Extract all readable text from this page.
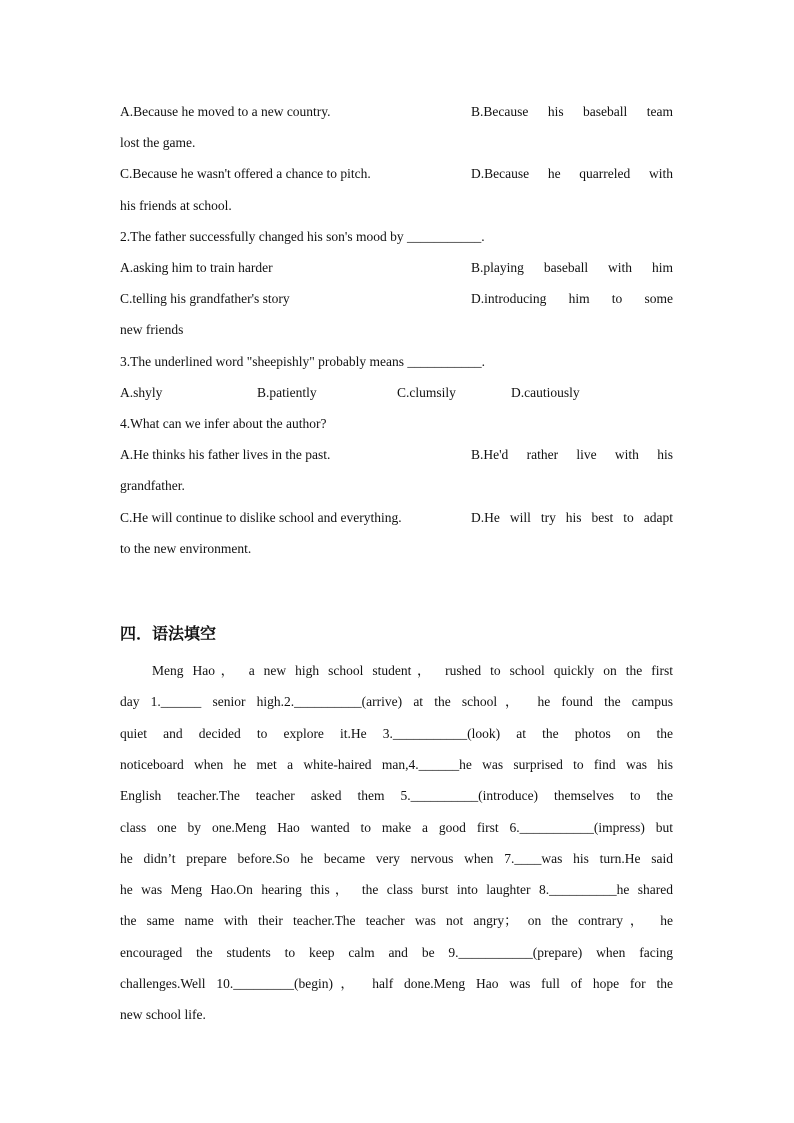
A.Because he moved to a new country.	B.Because his baseball team
lost the game.
C.Because he wasn't offered a chance to pitch.	D.Because he quarreled with
his friends at school.
2.The father successfully changed his son's mood by ___________.
A.asking him to train harder	B.playing baseball with him
C.telling his grandfather's story	D.introducing him to some
new friends
3.The underlined word "sheepishly" probably means ___________.
A.shyly	B.patiently	C.clumsily	D.cautiously
4.What can we infer about the author?
A.He thinks his father lives in the past.	B.He'd rather live with his
grandfather.
C.He will continue to dislike school and everything.	D.He will try his best to adapt
to the new environment.
四．语法填空
Meng Hao， a new high school student， rushed to school quickly on the first
day 1.______ senior high.2.__________(arrive) at the school， he found the campus
quiet and decided to explore it.He 3.___________(look) at the photos on the
noticeboard when he met a white-haired man,4.______he was surprised to find was his
English teacher.The teacher asked them 5.__________(introduce) themselves to the
class one by one.Meng Hao wanted to make a good first 6.___________(impress) but
he didn’t prepare before.So he became very nervous when 7.____was his turn.He said
he was Meng Hao.On hearing this， the class burst into laughter 8.__________he shared
the same name with their teacher.The teacher was not angry； on the contrary， he
encouraged the students to keep calm and be 9.___________(prepare) when facing
challenges.Well 10._________(begin)， half done.Meng Hao was full of hope for the
new school life.
